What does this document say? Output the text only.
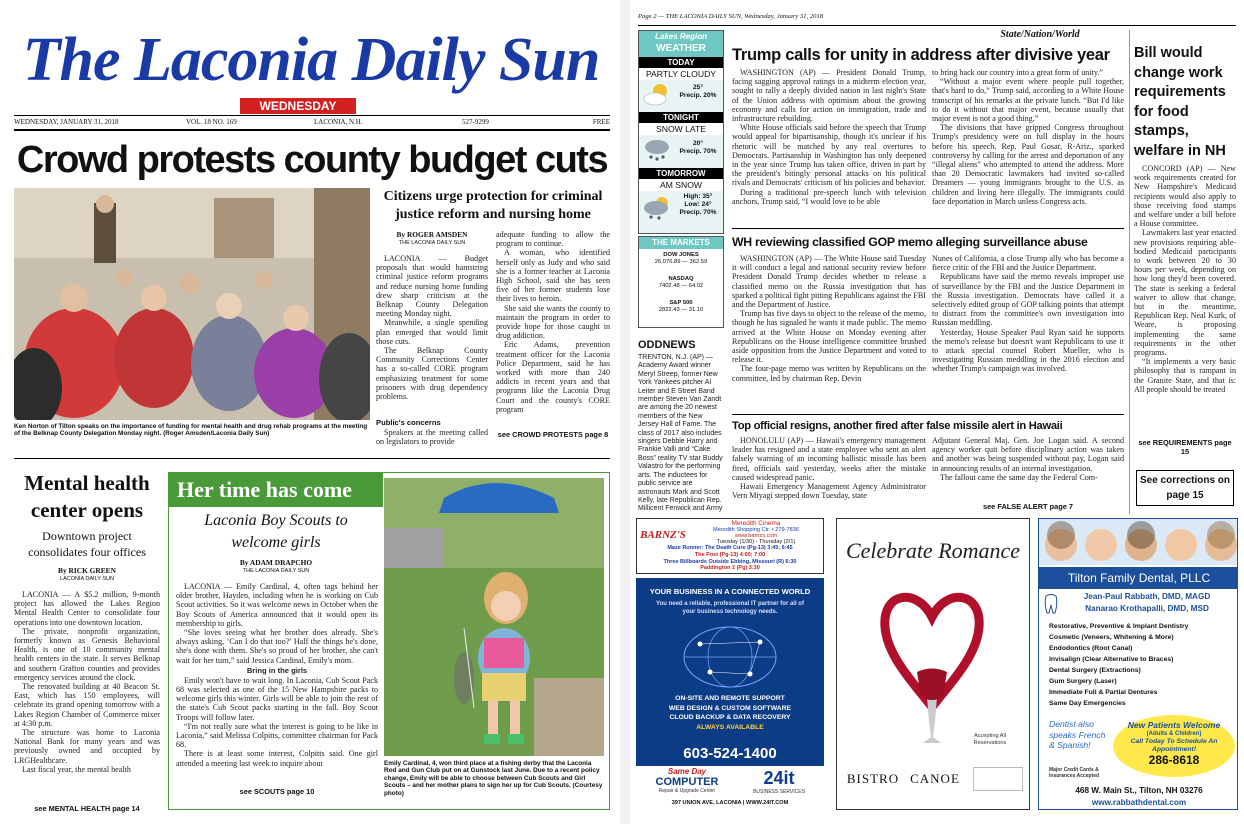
The Laconia Daily Sun
WEDNESDAY
WEDNESDAY, JANUARY 31, 2018	VOL. 18 NO. 169	LACONIA, N.H.	527-9299	FREE
Crowd protests county budget cuts
Ken Norton of Tilton speaks on the importance of funding for mental health and drug rehab programs at the meeting of the Belknap County Delegation Monday night. (Roger Amsden/Laconia Daily Sun)
Citizens urge protection for criminal justice reform and nursing home
By ROGER AMSDEN
THE LACONIA DAILY SUN

LACONIA — Budget proposals that would hamstring criminal justice reform programs and reduce nursing home funding drew sharp criticism at the Belknap County Delegation meeting Monday night.

Meanwhile, a single spending plan emerged that would limit those cuts.

The Belknap County Community Corrections Center has a so-called CORE program emphasizing treatment for some prisoners with drug dependency problems.

Public's concerns
Speakers at the meeting called on legislators to provide

adequate funding to allow the program to continue.

A woman, who identified herself only as Judy and who said she is a former teacher at Laconia High School, said she has seen five of her former students lose their lives to heroin.

She said she wants the county to maintain the program in order to provide hope for those caught in drug addiction.

Eric Adams, prevention treatment officer for the Laconia Police Department, said he has worked with more than 240 addicts in recent years and that programs like the Laconia Drug Court and the county's CORE program

see CROWD PROTESTS page 8
Mental health center opens
Downtown project consolidates four offices
By RICK GREEN
LACONIA DAILY SUN

LACONIA — A $5.2 million, 9-month project has allowed the Lakes Region Mental Health Center to consolidate four operations into one downtown location.

The private, nonprofit organization, formerly known as Genesis Behavioral Health, is one of 10 community mental health centers in the state. It serves Belknap and southern Grafton counties and provides emergency services around the clock.

The renovated building at 40 Beacon St. East, which has 150 employees, will celebrate its grand opening tomorrow with a Lakes Region Chamber of Commerce mixer at 4:30 p.m.

The structure was home to Laconia National Bank for many years and was previously owned and occupied by LRGHealthcare.

Last fiscal year, the mental health

see MENTAL HEALTH page 14
Her time has come
Laconia Boy Scouts to welcome girls
By ADAM DRAPCHO
THE LACONIA DAILY SUN

LACONIA — Emily Cardinal, 4, often tags behind her older brother, Hayden, including when he is working on Cub Scout activities. So it was welcome news in October when the Boy Scouts of America announced that it would open its membership to girls.

“She loves seeing what her brother does already. She's always asking, ‘Can I do that too?’ Half the things he's done, she's done with them. She's so proud of her brother, she can't wait for her turn,” said Jessica Cardinal, Emily's mom.

Bring in the girls

Emily won't have to wait long. In Laconia, Cub Scout Pack 68 was selected as one of the 15 New Hampshire packs to welcome girls this winter. Girls will be able to join the rest of the state's Cub Scout packs starting in the fall. Boy Scout Troops will follow later.

“I'm not really sure what the interest is going to be like in Laconia,” said Melissa Colpitts, committee chairman for Pack 68.

There is at least some interest, Colpitts said. One girl attended a meeting last week to inquire about

see SCOUTS page 10
Emily Cardinal, 4, won third place at a fishing derby that the Laconia Rod and Gun Club put on at Gunstock last June. Due to a recent policy change, Emily will be able to choose between Cub Scouts and Girl Scouts – and her mother plans to sign her up for Cub Scouts. (Courtesy photo)
Page 2 — THE LACONIA DAILY SUN, Wednesday, January 31, 2018
State/Nation/World
Lakes Region
WEATHER
TODAY
PARTLY CLOUDY
25°
Precip. 20%
TONIGHT
SNOW LATE
20°
Precip. 70%
TOMORROW
AM SNOW
High: 35°
Low: 24°
Precip. 70%
THE MARKETS
DOW JONES
26,076.89 — 362.59
NASDAQ
7402.48 — 64.02
S&P 500
2822.43 — 31.10
ODDNEWS
TRENTON, N.J. (AP) — Academy Award winner Meryl Streep, former New York Yankees pitcher Al Leiter and E Street Band member Steven Van Zandt are among the 20 newest members of the New Jersey Hall of Fame. The class of 2017 also includes singers Debbie Harry and Frankie Valli and “Cake Boss” reality TV star Buddy Valastro for the performing arts. The inductees for public service are astronauts Mark and Scott Kelly, late Republican Rep. Millicent Fenwick and Army
Trump calls for unity in address after divisive year

WASHINGTON (AP) — President Donald Trump, facing sagging approval ratings in a midterm election year, sought to rally a deeply divided nation in last night's State of the Union address with optimism about the growing economy and calls for action on immigration, trade and infrastructure rebuilding.

White House officials said before the speech that Trump would appeal for bipartisanship, though it's unclear if his rhetoric will be matched by any real overtures to Democrats. Partisanship in Washington has only deepened in the year since Trump has taken office, driven in part by the president's bitingly personal attacks on his political rivals and Democrats' criticism of his policies and behavior.

During a traditional pre-speech lunch with television anchors, Trump said, “I would love to be able

to bring back our country into a great form of unity.”

“Without a major event where people pull together, that's hard to do,” Trump said, according to a White House transcript of his remarks at the private lunch. “But I'd like to do it without that major event, because usually that major event is not a good thing.”

The divisions that have gripped Congress throughout Trump's presidency were on full display in the hours before his speech. Rep. Paul Gosar, R-Ariz., sparked controversy by calling for the arrest and deportation of any “illegal aliens” who attempted to attend the address. More than 20 Democratic lawmakers had invited so-called Dreamers — young immigrants brought to the U.S. as children and living here illegally. The immigrants could face deportation in March unless Congress acts.

WH reviewing classified GOP memo alleging surveillance abuse

WASHINGTON (AP) — The White House said Tuesday it will conduct a legal and national security review before President Donald Trump decides whether to release a classified memo on the Russia investigation that has sparked a political fight pitting Republicans against the FBI and the Department of Justice.

Trump has five days to object to the release of the memo, though he has signaled he wants it made public. The memo arrived at the White House on Monday evening after Republicans on the House intelligence committee brushed aside opposition from the Justice Department and voted to release it.

The four-page memo was written by Republicans on the committee, led by chairman Rep. Devin

Nunes of California, a close Trump ally who has become a fierce critic of the FBI and the Justice Department.

Republicans have said the memo reveals improper use of surveillance by the FBI and the Justice Department in the Russia investigation. Democrats have called it a selectively edited group of GOP talking points that attempt to distract from the committee's own investigation into Russian meddling.

Yesterday, House Speaker Paul Ryan said he supports the memo's release but doesn't want Republicans to use it to attack special counsel Robert Mueller, who is investigating Russian meddling in the 2016 election and whether Trump's campaign was involved.

Top official resigns, another fired after false missile alert in Hawaii

HONOLULU (AP) — Hawaii's emergency management leader has resigned and a state employee who sent an alert falsely warning of an incoming ballistic missile has been fired, officials said yesterday, weeks after the mistake caused widespread panic.

Hawaii Emergency Management Agency Administrator Vern Miyagi stepped down Tuesday, state

Adjutant General Maj. Gen. Joe Logan said. A second agency worker quit before disciplinary action was taken and another was being suspended without pay, Logan said in announcing results of an internal investigation.

The fallout came the same day the Federal Com-

see FALSE ALERT page 7
Bill would change work requirements for food stamps, welfare in NH

CONCORD (AP) — New work requirements created for New Hampshire's Medicaid recipients would also apply to those receiving food stamps and welfare under a bill before a House committee.

Lawmakers last year enacted new provisions requiring able-bodied Medicaid participants to work between 20 to 30 hours per week, depending on how long they'd been covered. The state is seeking a federal waiver to allow that change, but in the meantime, Republican Rep. Neal Kurk, of Weare, is proposing implementing the same requirements in the other programs.

“It implements a very basic philosophy that is rampant in the Granite State, and that is: All people should be treated

see REQUIREMENTS page 15
See corrections on page 15
BARNZ'S
Meredith Cinema
Meredith Shopping Ctr. • 279-7836
www.barnzs.com
Tuesday (1/30) - Thursday (2/1)
Maze Runner: The Death Cure (Pg-13) 3:45; 6:45
The Post (Pg-13) 4:00; 7:00
Three Billboards Outside Ebbing, Missouri (R) 6:30
Paddington 2 (Pg) 3:30
YOUR BUSINESS IN A CONNECTED WORLD
You need a reliable, professional IT partner for all of your business technology needs.
ON-SITE AND REMOTE SUPPORT
WEB DESIGN & CUSTOM SOFTWARE
CLOUD BACKUP & DATA RECOVERY
ALWAYS AVAILABLE
603-524-1400
Same Day
COMPUTER
Repair & Upgrade Center
24it
BUSINESS SERVICES
397 UNION AVE, LACONIA | WWW.24IT.COM
Celebrate Romance
Accepting All Reservations
BISTRO CANOE
Tilton Family Dental, PLLC
Jean-Paul Rabbath, DMD, MAGD
Nanarao Krothapalli, DMD, MSD
Restorative, Preventive & Implant Dentistry
Cosmetic (Veneers, Whitening & More)
Endodontics (Root Canal)
Invisalign (Clear Alternative to Braces)
Dental Surgery (Extractions)
Gum Surgery (Laser)
Immediate Full & Partial Dentures
Same Day Emergencies
Dentist also speaks French & Spanish!
New Patients Welcome
(Adults & Children)
Call Today To Schedule An Appointment!
286-8618
Major Credit Cards & Insurances Accepted
468 W. Main St., Tilton, NH 03276
www.rabbathdental.com
